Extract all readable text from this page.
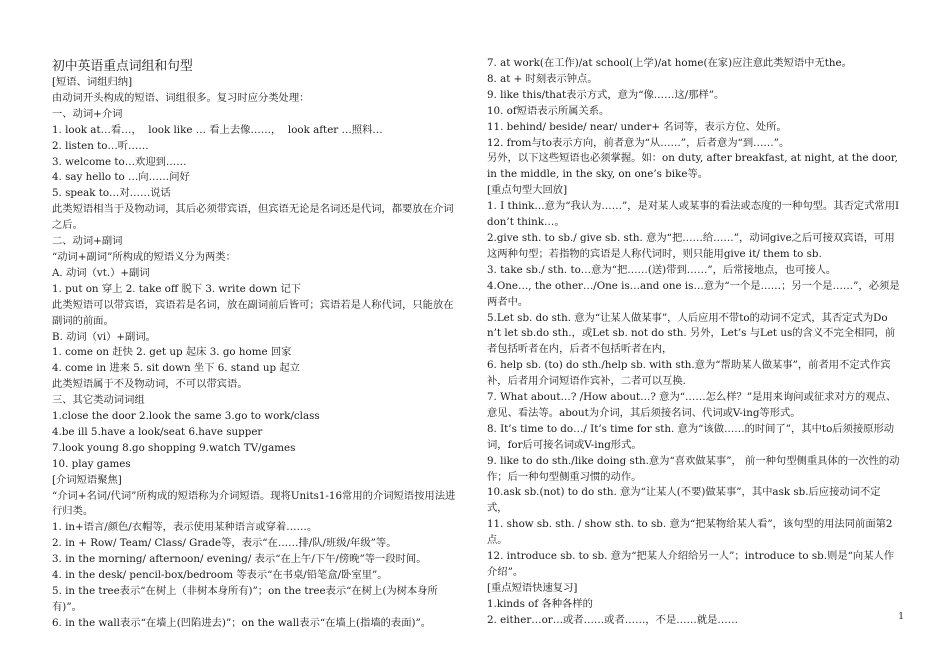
初中英语重点词组和句型
[短语、词组归纳]
由动词开头构成的短语、词组很多。复习时应分类处理：
一、动词+介词
1. look at…看…，  look like … 看上去像……，  look after …照料…
2. listen to…听……
3. welcome to…欢迎到……
4. say hello to …向……问好
5. speak to…对……说话
此类短语相当于及物动词，其后必须带宾语，但宾语无论是名词还是代词，都要放在介词之后。
二、动词+副词
“动词+副词”所构成的短语义分为两类：
A. 动词（vt.）+副词
1. put on 穿上 2. take off 脱下 3. write down 记下
此类短语可以带宾语，宾语若是名词，放在副词前后皆可；宾语若是人称代词，只能放在副词的前面。
B. 动词（vi）+副词。
1. come on 赶快 2. get up 起床 3. go home 回家
4. come in 进来 5. sit down 坐下 6. stand up 起立
此类短语属于不及物动词，不可以带宾语。
三、其它类动词词组
1.close the door 2.look the same 3.go to work/class
4.be ill 5.have a look/seat 6.have supper
7.look young 8.go shopping 9.watch TV/games
10. play games
[介词短语聚焦]
“介词+名词/代词”所构成的短语称为介词短语。现将Units1-16常用的介词短语按用法进行归类。
1. in+语言/颜色/衣帽等，表示使用某种语言或穿着……。
2. in + Row/ Team/ Class/ Grade等，表示“在……排/队/班级/年级”等。
3. in the morning/ afternoon/ evening/ 表示“在上午/下午/傍晚”等一段时间。
4. in the desk/ pencil-box/bedroom 等表示“在书桌/铅笔盒/卧室里”。
5. in the tree表示“在树上（非树本身所有)”；on the tree表示“在树上(为树本身所有)”。
6. in the wall表示“在墙上(凹陷进去)”；on the wall表示“在墙上(指墙的表面)”。
7. at work(在工作)/at school(上学)/at home(在家)应注意此类短语中无the。
8. at + 时刻表示钟点。
9. like this/that表示方式，意为“像……这/那样”。
10. of短语表示所属关系。
11. behind/ beside/ near/ under+ 名词等，表示方位、处所。
12. from与to表示方向，前者意为“从……”，后者意为“到……”。
另外，以下这些短语也必须掌握。如：on duty, after breakfast, at night, at the door, in the middle, in the sky, on one’s bike等。
[重点句型大回放]
1. I think…意为“我认为……”，是对某人或某事的看法或态度的一种句型。其否定式常用I don’t think…。
2.give sth. to sb./ give sb. sth. 意为“把……给……”，动词give之后可接双宾语，可用这两种句型；若指物的宾语是人称代词时，则只能用give it/ them to sb.
3. take sb./ sth. to…意为“把……(送)带到……”，后常接地点，也可接人。
4.One…, the other…/One is…and one is…意为“一个是……；另一个是……”，必须是两者中。
5.Let sb. do sth. 意为“让某人做某事”，人后应用不带to的动词不定式，其否定式为Don’t let sb.do sth.，或Let sb. not do sth. 另外，Let’s 与Let us的含义不完全相同，前者包括听者在内，后者不包括听者在内，
6. help sb. (to) do sth./help sb. with sth.意为“帮助某人做某事”，前者用不定式作宾补，后者用介词短语作宾补，二者可以互换.
7. What about…? /How about…? 意为“……怎么样？”是用来询问或征求对方的观点、意见、看法等。about为介词，其后须接名词、代词或V-ing等形式。
8. It’s time to do…/ It’s time for sth. 意为“该做……的时间了”，其中to后须接原形动词，for后可接名词或V-ing形式。
9. like to do sth./like doing sth.意为“喜欢做某事”， 前一种句型侧重具体的一次性的动作；后一种句型侧重习惯的动作。
10.ask sb.(not) to do sth. 意为“让某人(不要)做某事”，其中ask sb.后应接动词不定式，
11. show sb. sth. / show sth. to sb. 意为“把某物给某人看”，该句型的用法同前面第2点。
12. introduce sb. to sb. 意为“把某人介绍给另一人”；introduce to sb.则是“向某人作介绍”。
[重点短语快速复习]
1.kinds of 各种各样的
2. either…or…或者……或者……，不是……就是……	1
